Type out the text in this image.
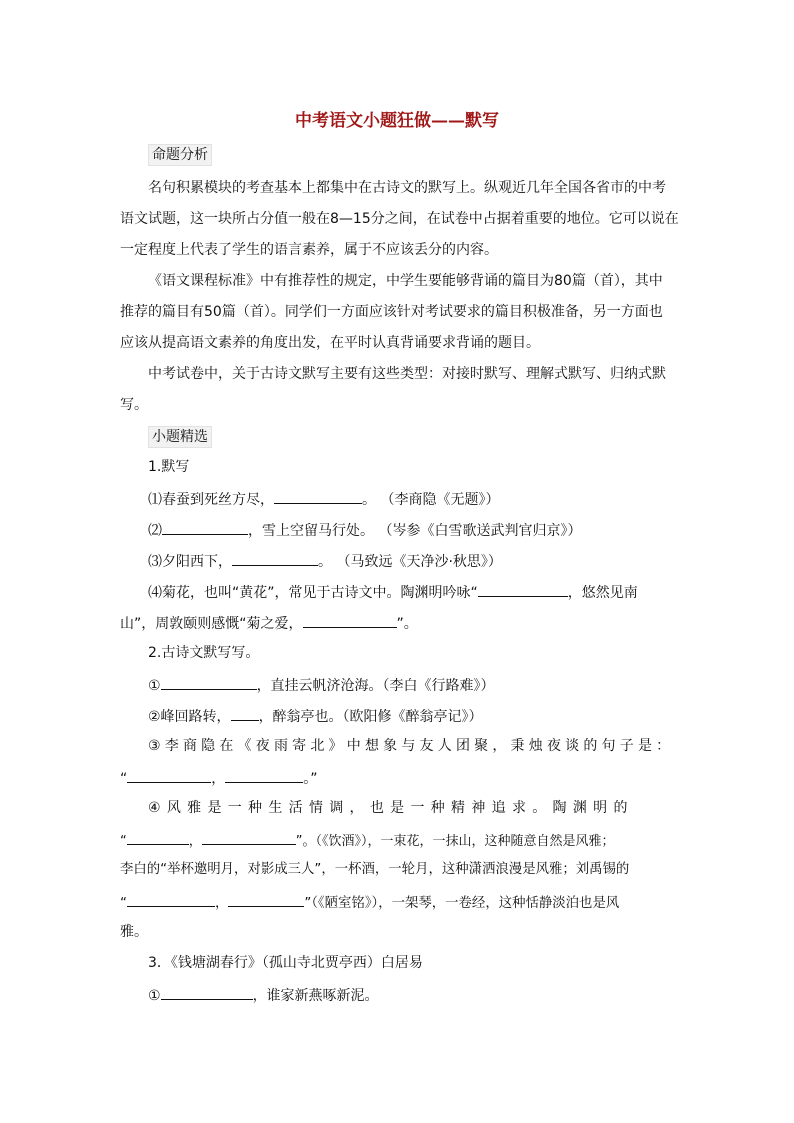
中考语文小题狂做——默写
命题分析
名句积累模块的考查基本上都集中在古诗文的默写上。纵观近几年全国各省市的中考
语文试题，这一块所占分值一般在8—15分之间，在试卷中占据着重要的地位。它可以说在
一定程度上代表了学生的语言素养，属于不应该丢分的内容。
《语文课程标准》中有推荐性的规定，中学生要能够背诵的篇目为80篇（首），其中
推荐的篇目有50篇（首）。同学们一方面应该针对考试要求的篇目积极准备，另一方面也
应该从提高语文素养的角度出发，在平时认真背诵要求背诵的题目。
中考试卷中，关于古诗文默写主要有这些类型：对接时默写、理解式默写、归纳式默
写。
小题精选
1.默写
⑴春蚕到死丝方尽，	。 （李商隐《无题》）
⑵	，雪上空留马行处。 （岑参《白雪歌送武判官归京》）
⑶夕阳西下，	。 （马致远《天净沙·秋思》）
⑷菊花，也叫“黄花”，常见于古诗文中。陶渊明吟咏“	，悠然见南
山”，周敦颐则感慨“菊之爱，	”。
2.古诗文默写写。
①	，直挂云帆济沧海。（李白《行路难》）
②峰回路转， ，醉翁亭也。（欧阳修《醉翁亭记》）
③李商隐在《夜雨寄北》中想象与友人团聚，秉烛夜谈的句子是：
“	，	。”
④风雅是一种生活情调，也是一种精神追求。陶渊明的
“	，	”。（《饮酒》），一束花，一抹山，这种随意自然是风雅；
李白的“举杯邀明月，对影成三人”，一杯酒，一轮月，这种潇洒浪漫是风雅；刘禹锡的
“	，	”（《陋室铭》），一架琴，一卷经，这种恬静淡泊也是风
雅。
3．《钱塘湖春行》（孤山寺北贾亭西）白居易
①	，谁家新燕啄新泥。
